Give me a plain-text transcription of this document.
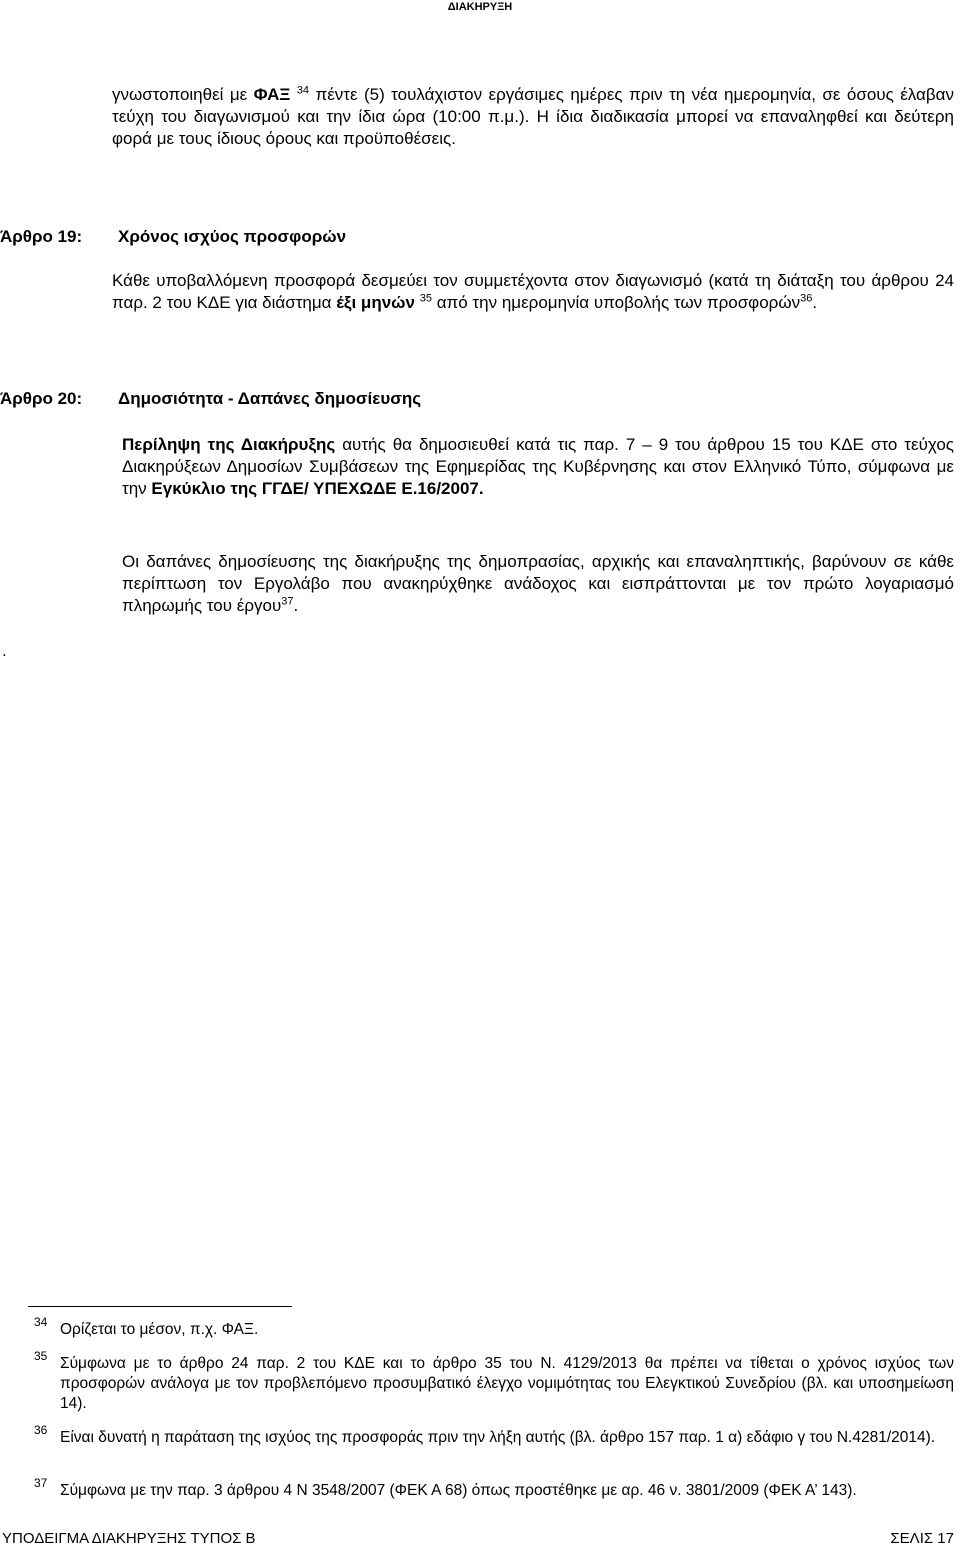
ΔΙΑΚΗΡΥΞΗ
γνωστοποιηθεί με ΦΑΞ $^{34}$ πέντε (5) τουλάχιστον εργάσιμες ημέρες πριν τη νέα ημερομηνία, σε όσους έλαβαν τεύχη του διαγωνισμού και την ίδια ώρα (10:00 π.μ.). Η ίδια διαδικασία μπορεί να επαναληφθεί και δεύτερη φορά με τους ίδιους όρους και προϋποθέσεις.
Άρθρο 19: Χρόνος ισχύος προσφορών
Κάθε υποβαλλόμενη προσφορά δεσμεύει τον συμμετέχοντα στον διαγωνισμό (κατά τη διάταξη του άρθρου 24 παρ. 2 του ΚΔΕ για διάστημα έξι μηνών $^{35}$ από την ημερομηνία υποβολής των προσφορών$^{36}$.
Άρθρο 20: Δημοσιότητα - Δαπάνες δημοσίευσης
Περίληψη της Διακήρυξης αυτής θα δημοσιευθεί κατά τις παρ. 7 – 9 του άρθρου 15 του ΚΔΕ στο τεύχος Διακηρύξεων Δημοσίων Συμβάσεων της Εφημερίδας της Κυβέρνησης και στον Ελληνικό Τύπο, σύμφωνα με την Εγκύκλιο της ΓΓΔΕ/ ΥΠΕΧΩΔΕ Ε.16/2007.
Οι δαπάνες δημοσίευσης της διακήρυξης της δημοπρασίας, αρχικής και επαναληπτικής, βαρύνουν σε κάθε περίπτωση τον Εργολάβο που ανακηρύχθηκε ανάδοχος και εισπράττονται με τον πρώτο λογαριασμό πληρωμής του έργου$^{37}$.
.
34 Ορίζεται το μέσον, π.χ. ΦΑΞ.
35 Σύμφωνα με το άρθρο 24 παρ. 2 του ΚΔΕ και το άρθρο 35 του Ν. 4129/2013 θα πρέπει να τίθεται ο χρόνος ισχύος των προσφορών ανάλογα με τον προβλεπόμενο προσυμβατικό έλεγχο νομιμότητας του Ελεγκτικού Συνεδρίου (βλ. και υποσημείωση 14).
36 Είναι δυνατή η παράταση της ισχύος της προσφοράς πριν την λήξη αυτής (βλ. άρθρο 157 παρ. 1 α) εδάφιο γ του Ν.4281/2014).
37 Σύμφωνα με την παρ. 3 άρθρου 4 Ν 3548/2007 (ΦΕΚ Α 68) όπως προστέθηκε με αρ. 46 ν. 3801/2009 (ΦΕΚ Α’ 143).
ΥΠΟΔΕΙΓΜΑ ΔΙΑΚΗΡΥΞΗΣ ΤΥΠΟΣ Β	ΣΕΛΙΣ 17
